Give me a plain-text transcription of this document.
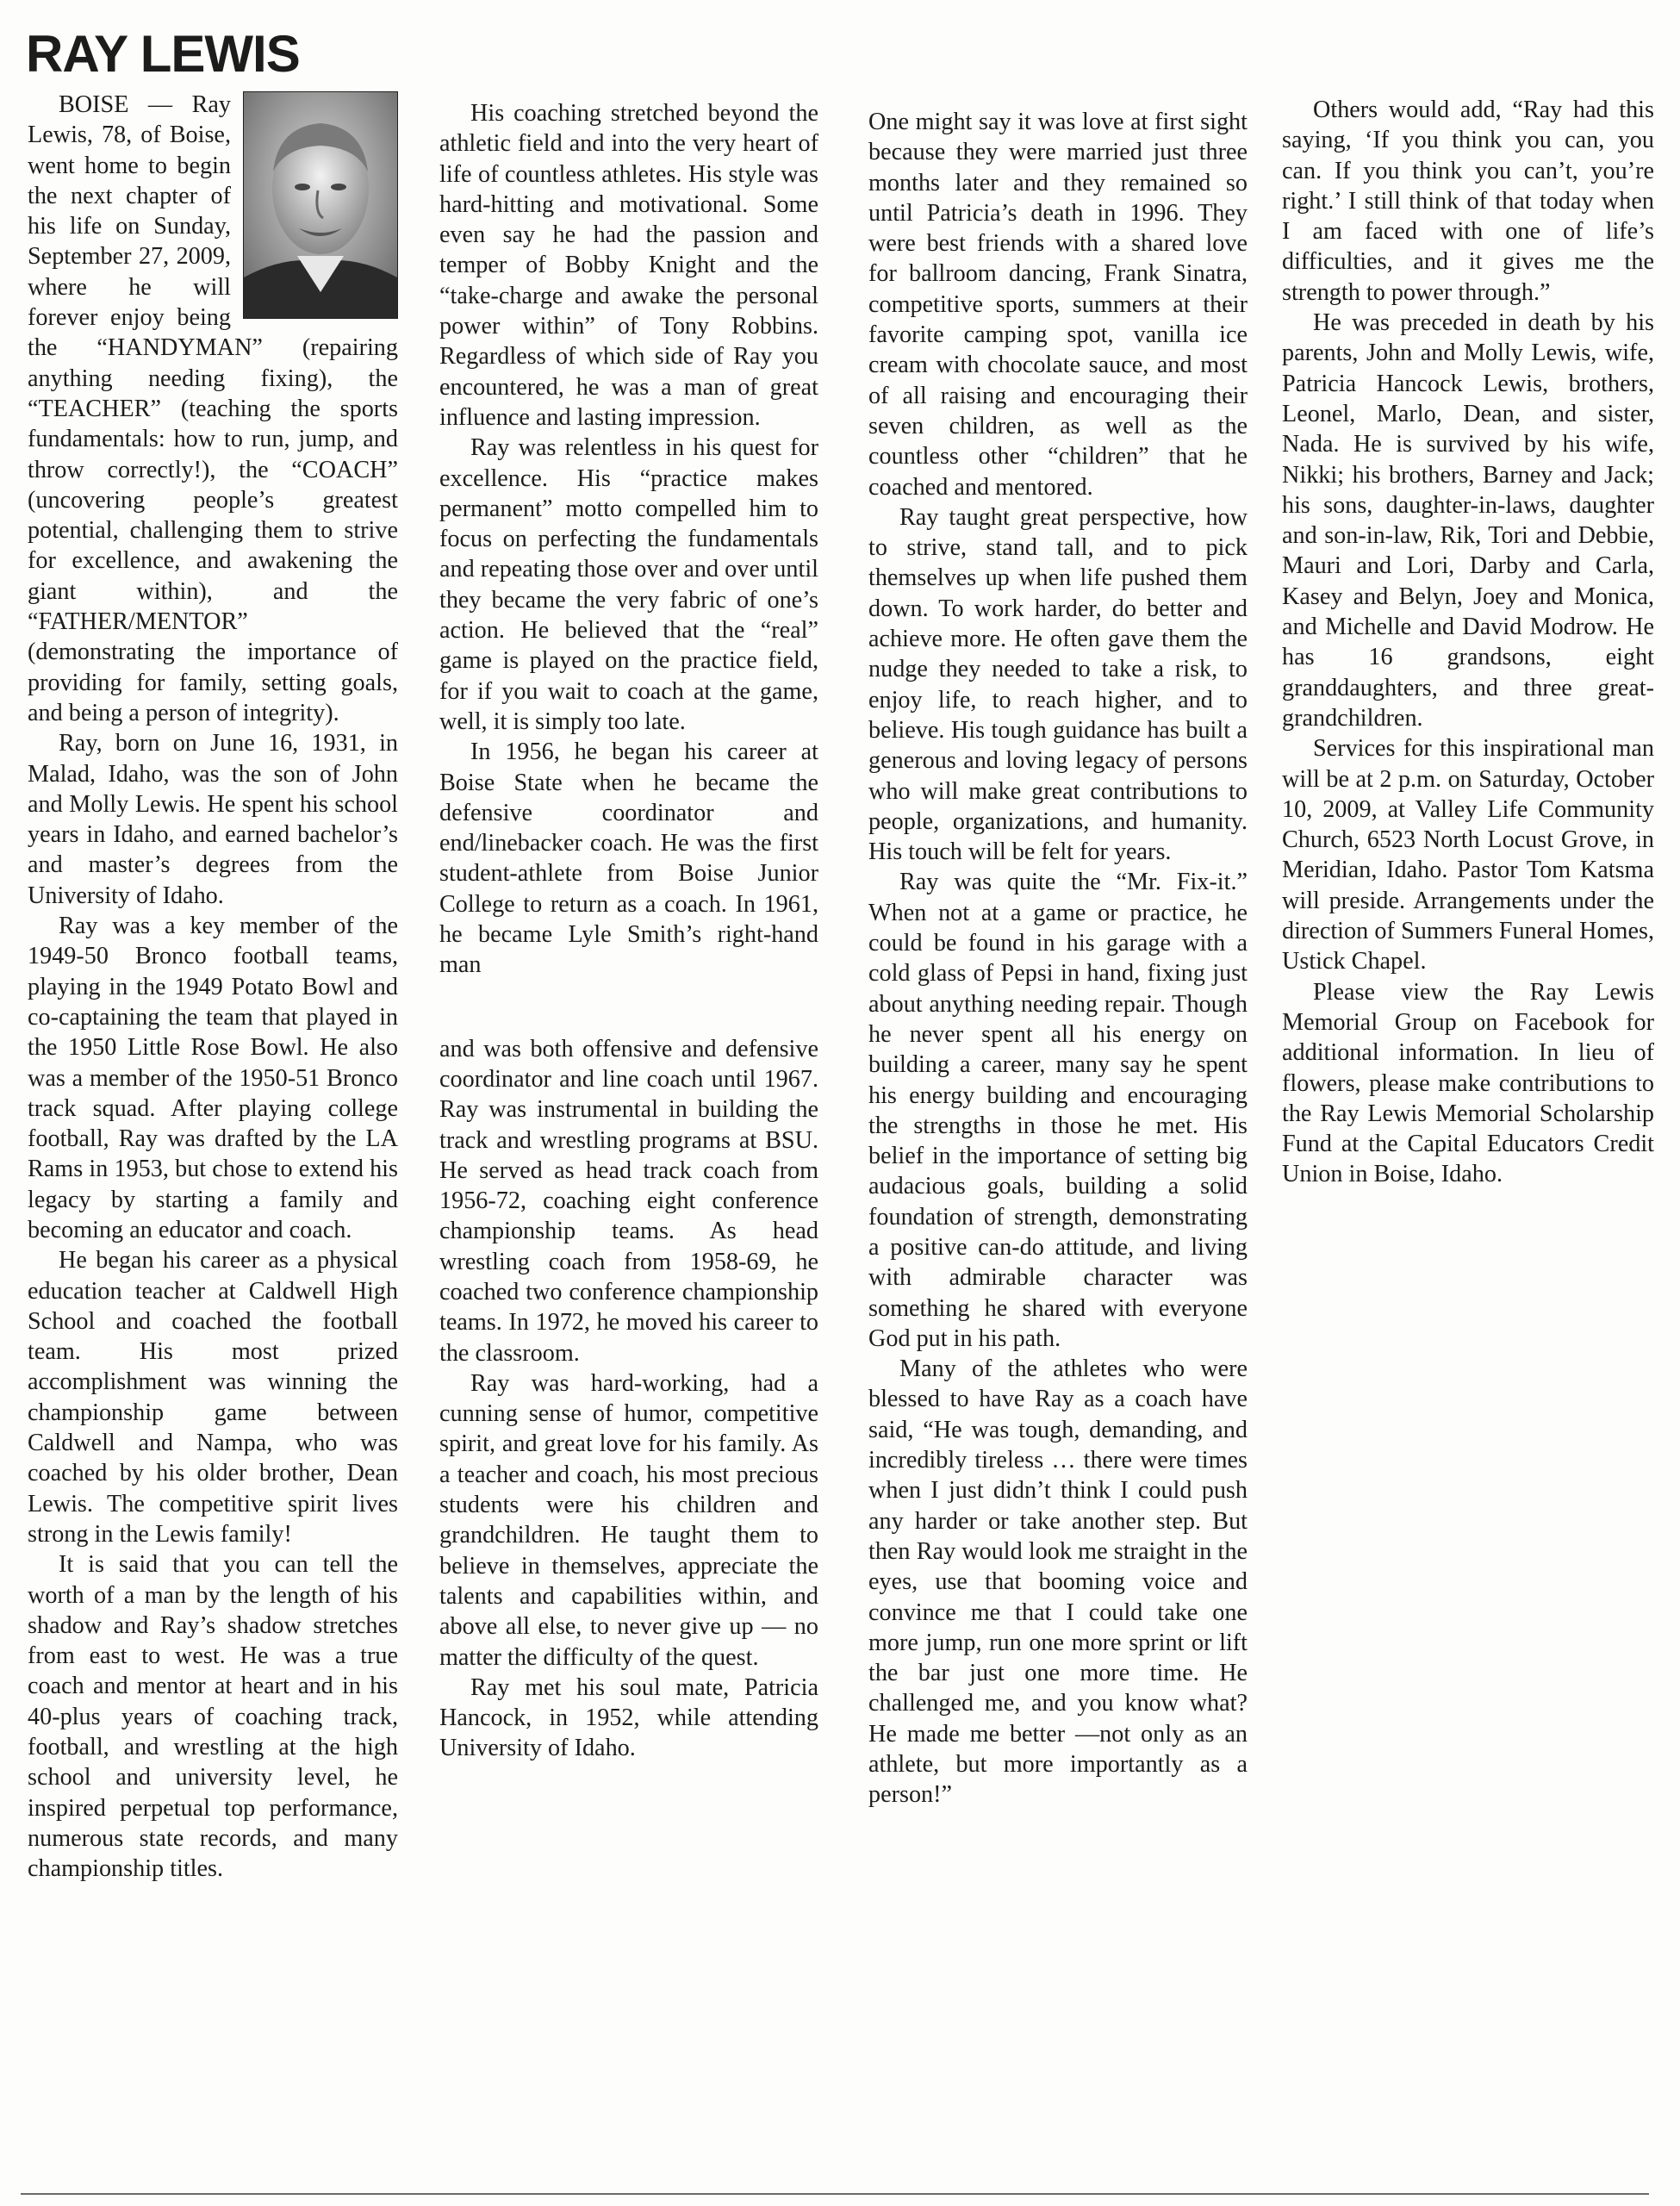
RAY LEWIS

BOISE — Ray Lewis, 78, of Boise, went home to begin the next chapter of his life on Sunday, September 27, 2009, where he will forever enjoy being the “HANDYMAN” (repairing anything needing fixing), the “TEACHER” (teaching the sports fundamentals: how to run, jump, and throw correctly!), the “COACH” (uncovering people’s greatest potential, challenging them to strive for excellence, and awakening the giant within), and the “FATHER/MENTOR” (demonstrating the importance of providing for family, setting goals, and being a person of integrity).

Ray, born on June 16, 1931, in Malad, Idaho, was the son of John and Molly Lewis. He spent his school years in Idaho, and earned bachelor’s and master’s degrees from the University of Idaho.

Ray was a key member of the 1949-50 Bronco football teams, playing in the 1949 Potato Bowl and co-captaining the team that played in the 1950 Little Rose Bowl. He also was a member of the 1950-51 Bronco track squad. After playing college football, Ray was drafted by the LA Rams in 1953, but chose to extend his legacy by starting a family and becoming an educator and coach.

He began his career as a physical education teacher at Caldwell High School and coached the football team. His most prized accomplishment was winning the championship game between Caldwell and Nampa, who was coached by his older brother, Dean Lewis. The competitive spirit lives strong in the Lewis family!

It is said that you can tell the worth of a man by the length of his shadow and Ray’s shadow stretches from east to west. He was a true coach and mentor at heart and in his 40-plus years of coaching track, football, and wrestling at the high school and university level, he inspired perpetual top performance, numerous state records, and many championship titles.

His coaching stretched beyond the athletic field and into the very heart of life of countless athletes. His style was hard-hitting and motivational. Some even say he had the passion and temper of Bobby Knight and the “take-charge and awake the personal power within” of Tony Robbins. Regardless of which side of Ray you encountered, he was a man of great influence and lasting impression.

Ray was relentless in his quest for excellence. His “practice makes permanent” motto compelled him to focus on perfecting the fundamentals and repeating those over and over until they became the very fabric of one’s action. He believed that the “real” game is played on the practice field, for if you wait to coach at the game, well, it is simply too late.

In 1956, he began his career at Boise State when he became the defensive coordinator and end/linebacker coach. He was the first student-athlete from Boise Junior College to return as a coach. In 1961, he became Lyle Smith’s right-hand man

and was both offensive and defensive coordinator and line coach until 1967. Ray was instrumental in building the track and wrestling programs at BSU. He served as head track coach from 1956-72, coaching eight conference championship teams. As head wrestling coach from 1958-69, he coached two conference championship teams. In 1972, he moved his career to the classroom.

Ray was hard-working, had a cunning sense of humor, competitive spirit, and great love for his family. As a teacher and coach, his most precious students were his children and grandchildren. He taught them to believe in themselves, appreciate the talents and capabilities within, and above all else, to never give up — no matter the difficulty of the quest.

Ray met his soul mate, Patricia Hancock, in 1952, while attending University of Idaho.

One might say it was love at first sight because they were married just three months later and they remained so until Patricia’s death in 1996. They were best friends with a shared love for ballroom dancing, Frank Sinatra, competitive sports, summers at their favorite camping spot, vanilla ice cream with chocolate sauce, and most of all raising and encouraging their seven children, as well as the countless other “children” that he coached and mentored.

Ray taught great perspective, how to strive, stand tall, and to pick themselves up when life pushed them down. To work harder, do better and achieve more. He often gave them the nudge they needed to take a risk, to enjoy life, to reach higher, and to believe. His tough guidance has built a generous and loving legacy of persons who will make great contributions to people, organizations, and humanity. His touch will be felt for years.

Ray was quite the “Mr. Fix-it.” When not at a game or practice, he could be found in his garage with a cold glass of Pepsi in hand, fixing just about anything needing repair. Though he never spent all his energy on building a career, many say he spent his energy building and encouraging the strengths in those he met. His belief in the importance of setting big audacious goals, building a solid foundation of strength, demonstrating a positive can-do attitude, and living with admirable character was something he shared with everyone God put in his path.

Many of the athletes who were blessed to have Ray as a coach have said, “He was tough, demanding, and incredibly tireless … there were times when I just didn’t think I could push any harder or take another step. But then Ray would look me straight in the eyes, use that booming voice and convince me that I could take one more jump, run one more sprint or lift the bar just one more time. He challenged me, and you know what? He made me better —not only as an athlete, but more importantly as a person!”

Others would add, “Ray had this saying, ‘If you think you can, you can. If you think you can’t, you’re right.’ I still think of that today when I am faced with one of life’s difficulties, and it gives me the strength to power through.”

He was preceded in death by his parents, John and Molly Lewis, wife, Patricia Hancock Lewis, brothers, Leonel, Marlo, Dean, and sister, Nada. He is survived by his wife, Nikki; his brothers, Barney and Jack; his sons, daughter-in-laws, daughter and son-in-law, Rik, Tori and Debbie, Mauri and Lori, Darby and Carla, Kasey and Belyn, Joey and Monica, and Michelle and David Modrow. He has 16 grandsons, eight granddaughters, and three great-grandchildren.

Services for this inspirational man will be at 2 p.m. on Saturday, October 10, 2009, at Valley Life Community Church, 6523 North Locust Grove, in Meridian, Idaho. Pastor Tom Katsma will preside. Arrangements under the direction of Summers Funeral Homes, Ustick Chapel.

Please view the Ray Lewis Memorial Group on Facebook for additional information. In lieu of flowers, please make contributions to the Ray Lewis Memorial Scholarship Fund at the Capital Educators Credit Union in Boise, Idaho.
